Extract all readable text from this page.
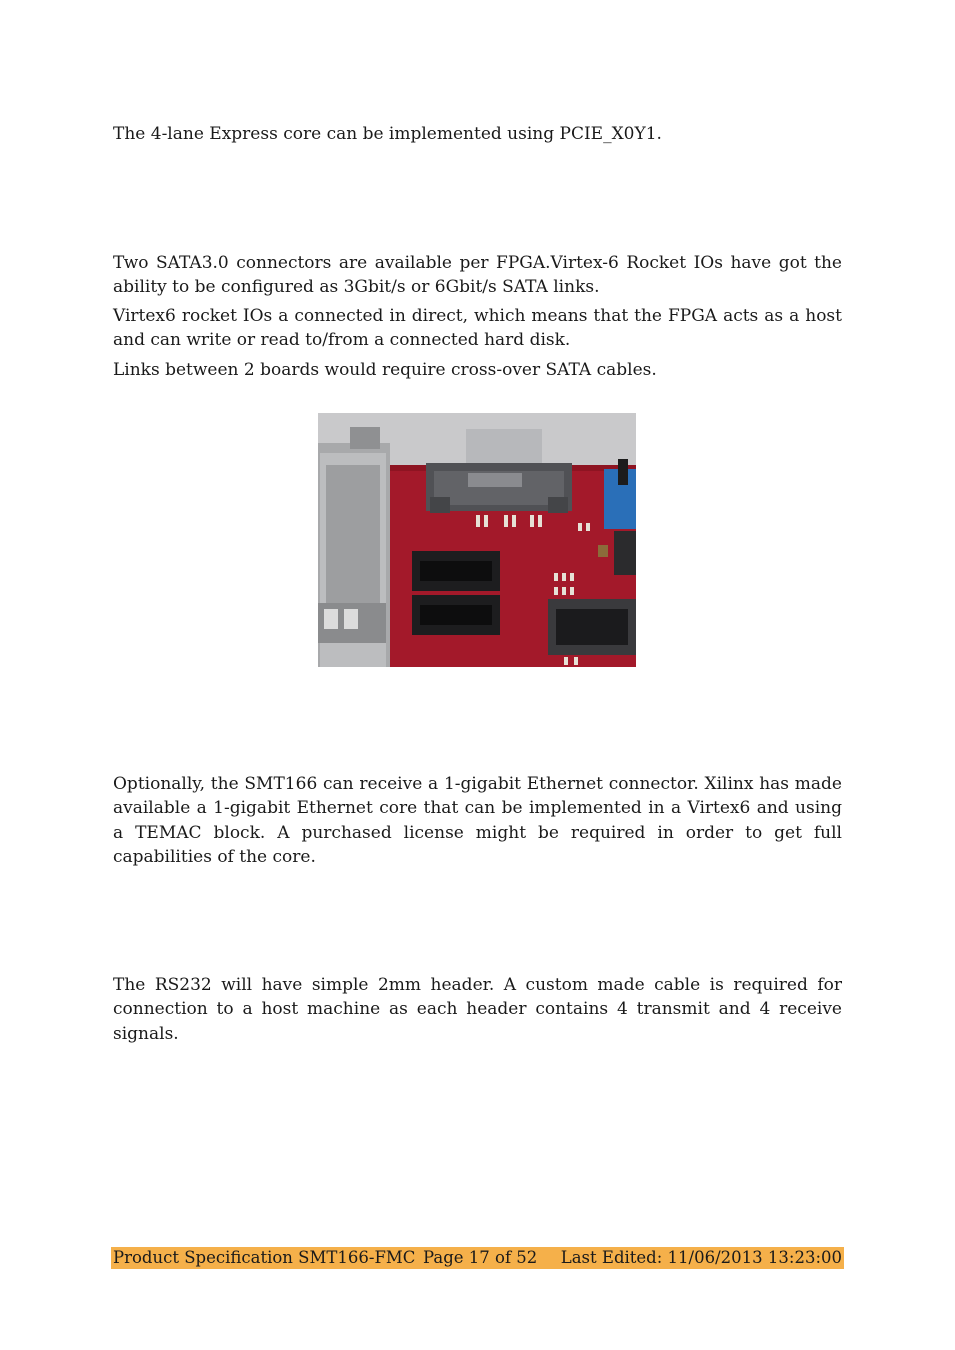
The 4-lane Express core can be implemented using PCIE_X0Y1.

Two SATA3.0 connectors are available per FPGA.Virtex-6 Rocket IOs have got the ability to be configured as 3Gbit/s or 6Gbit/s SATA links.

Virtex6 rocket IOs a connected in direct, which means that the FPGA acts as a host and can write or read to/from a connected hard disk.

Links between 2 boards would require cross-over SATA cables.

Optionally, the SMT166 can receive a 1-gigabit Ethernet connector. Xilinx has made available a 1-gigabit Ethernet core that can be implemented in a Virtex6 and using a TEMAC block. A purchased license might be required in order to get full capabilities of the core.

The RS232 will have simple 2mm header. A custom made cable is required for connection to a host machine as each header contains 4 transmit and 4 receive signals.

Product Specification SMT166-FMC Page 17 of 52 Last Edited: 11/06/2013 13:23:00
